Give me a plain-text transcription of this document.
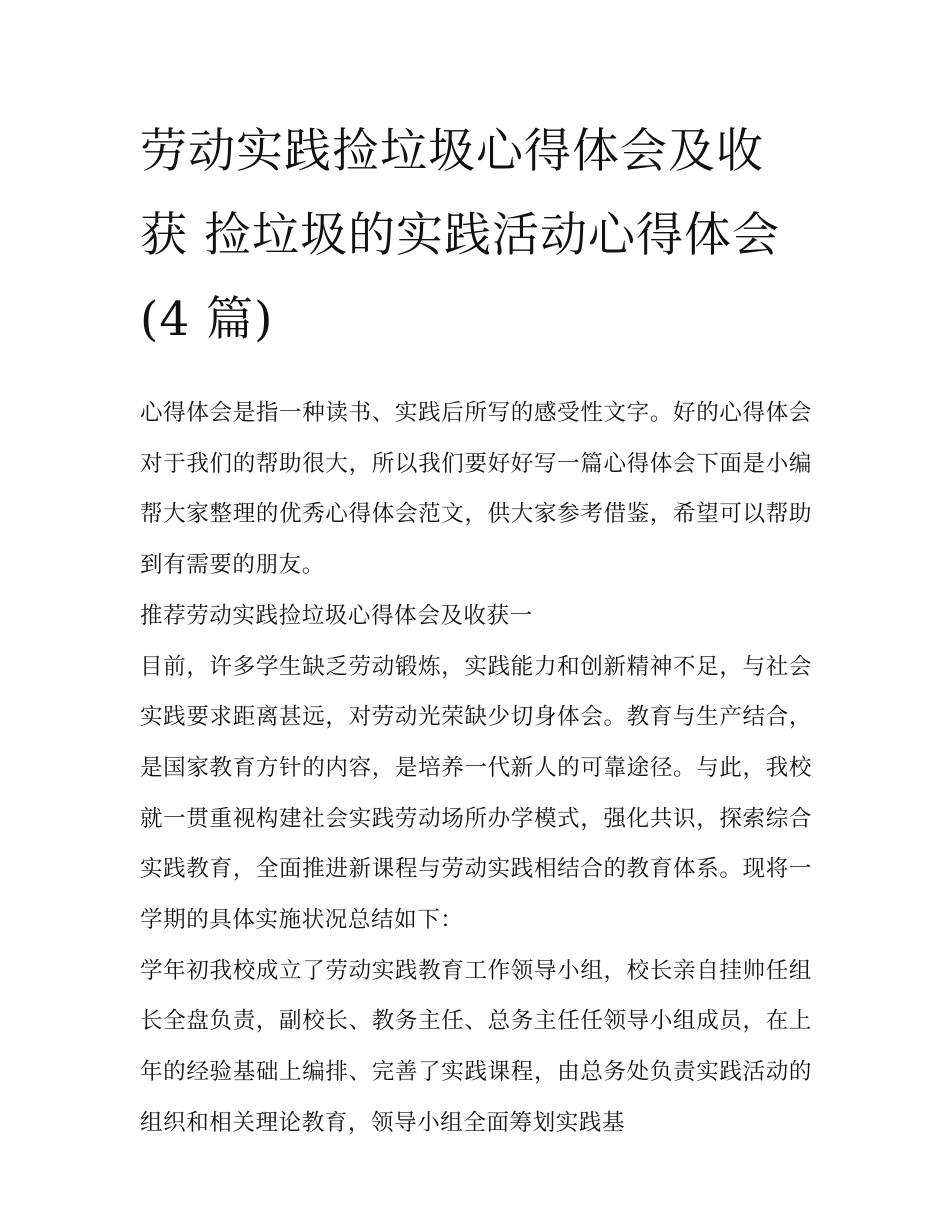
劳动实践捡垃圾心得体会及收
获 捡垃圾的实践活动心得体会
(4 篇)

心得体会是指一种读书、实践后所写的感受性文字。好的心得体会对于我们的帮助很大，所以我们要好好写一篇心得体会下面是小编帮大家整理的优秀心得体会范文，供大家参考借鉴，希望可以帮助到有需要的朋友。

推荐劳动实践捡垃圾心得体会及收获一

目前，许多学生缺乏劳动锻炼，实践能力和创新精神不足，与社会实践要求距离甚远，对劳动光荣缺少切身体会。教育与生产结合，是国家教育方针的内容，是培养一代新人的可靠途径。与此，我校就一贯重视构建社会实践劳动场所办学模式，强化共识，探索综合实践教育，全面推进新课程与劳动实践相结合的教育体系。现将一学期的具体实施状况总结如下：

学年初我校成立了劳动实践教育工作领导小组，校长亲自挂帅任组长全盘负责，副校长、教务主任、总务主任任领导小组成员，在上年的经验基础上编排、完善了实践课程，由总务处负责实践活动的组织和相关理论教育，领导小组全面筹划实践基
